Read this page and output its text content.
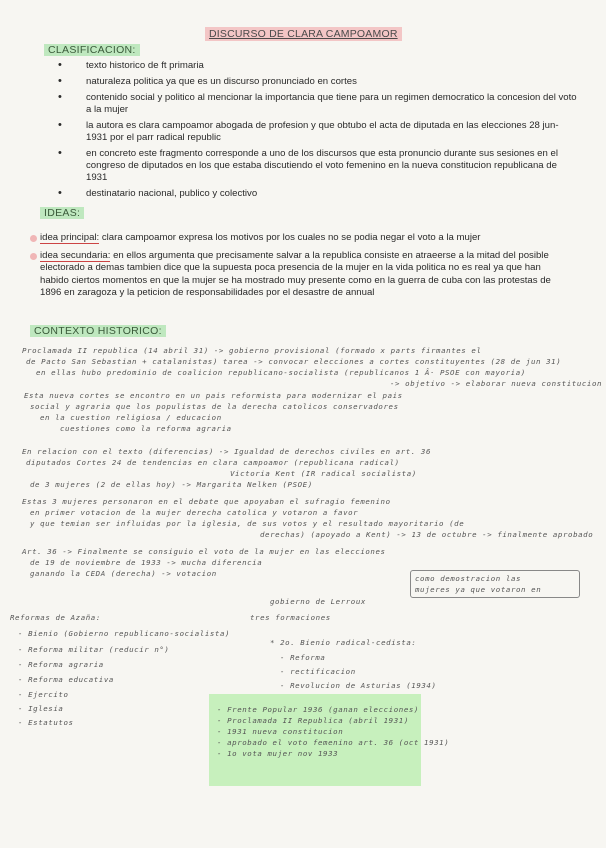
DISCURSO DE CLARA CAMPOAMOR
CLASIFICACION:
• texto historico de ft primaria
• naturaleza politica ya que es un discurso pronunciado en cortes
• contenido social y politico al mencionar la importancia que tiene para un regimen democratico la concesion del voto a la mujer
• la autora es clara campoamor abogada de profesion y que obtubo el acta de diputada en las elecciones 28 jun-1931 por el parr radical republic
• en concreto este fragmento corresponde a uno de los discursos que esta pronuncio durante sus sesiones en el congreso de diputados en los que estaba discutiendo el voto femenino en la nueva constitucion republicana de 1931
• destinatario nacional, publico y colectivo
IDEAS:
idea principal: clara campoamor expresa los motivos por los cuales no se podia negar el voto a la mujer
idea secundaria: en ellos argumenta que precisamente salvar a la republica consiste en atraeerse a la mitad del posible electorado a demas tambien dice que la supuesta poca presencia de la mujer en la vida politica no es real ya que han habido ciertos momentos en que la mujer se ha mostrado muy presente como en la guerra de cuba con las protestas de 1896 en zaragoza y la peticion de responsabilidades por el desastre de annual
CONTEXTO HISTORICO:
Proclamada II republica (14 abril 31) -> gobierno provisional (formado x parts firmantes el
de Pacto San Sebastian + catalanistas) tarea -> convocar elecciones a cortes constituyentes (28 de jun 31)
en ellas hubo predominio de coalicion republicano-socialista (republicanos 1 Â· PSOE con mayoria)
-> objetivo -> elaborar nueva constitucion
Esta nueva cortes se encontro en un pais reformista para modernizar el pais
social y agraria que los populistas de la derecha catolicos conservadores
en la cuestion religiosa / educacion
cuestiones como la reforma agraria
En relacion con el texto (diferencias) -> Igualdad de derechos civiles en art. 36
diputados Cortes 24 de tendencias en clara campoamor (republicana radical)
Victoria Kent (IR radical socialista)
de 3 mujeres (2 de ellas hoy) -> Margarita Nelken (PSOE)
Estas 3 mujeres personaron en el debate que apoyaban el sufragio femenino
en primer votacion de la mujer derecha catolica y votaron a favor
y que temian ser influidas por la iglesia, de sus votos y el resultado mayoritario (de
derechas) (apoyado a Kent) -> 13 de octubre -> finalmente aprobado
Art. 36 -> Finalmente se consiguio el voto de la mujer en las elecciones
de 19 de noviembre de 1933 -> mucha diferencia
ganando la CEDA (derecha) -> votacion
como demostracion las
mujeres ya que votaron en
gobierno de Lerroux
tres formaciones
Reformas de Azaña:
- Bienio (Gobierno republicano-socialista)
- Reforma militar (reducir n°)
- Reforma agraria
- Reforma educativa
- Ejercito
- Iglesia
- Estatutos
* 2o. Bienio radical-cedista:
- Reforma
- rectificacion
- Revolucion de Asturias (1934)
- Frente Popular 1936 (ganan elecciones)
- Proclamada II Republica (abril 1931)
- 1931 nueva constitucion
- aprobado el voto femenino art. 36 (oct 1931)
- 1o vota mujer nov 1933
